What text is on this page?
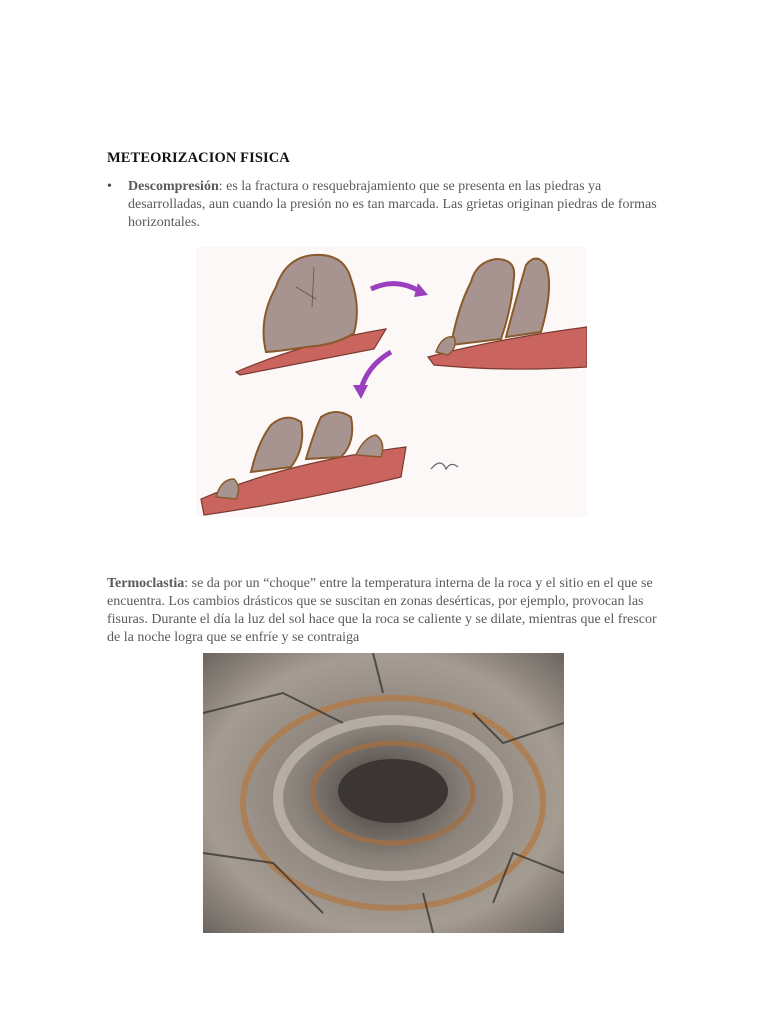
METEORIZACION FISICA
• Descompresión: es la fractura o resquebrajamiento que se presenta en las piedras ya desarrolladas, aun cuando la presión no es tan marcada. Las grietas originan piedras de formas horizontales.
Termoclastia: se da por un “choque” entre la temperatura interna de la roca y el sitio en el que se encuentra. Los cambios drásticos que se suscitan en zonas desérticas, por ejemplo, provocan las fisuras. Durante el día la luz del sol hace que la roca se caliente y se dilate, mientras que el frescor de la noche logra que se enfríe y se contraiga
